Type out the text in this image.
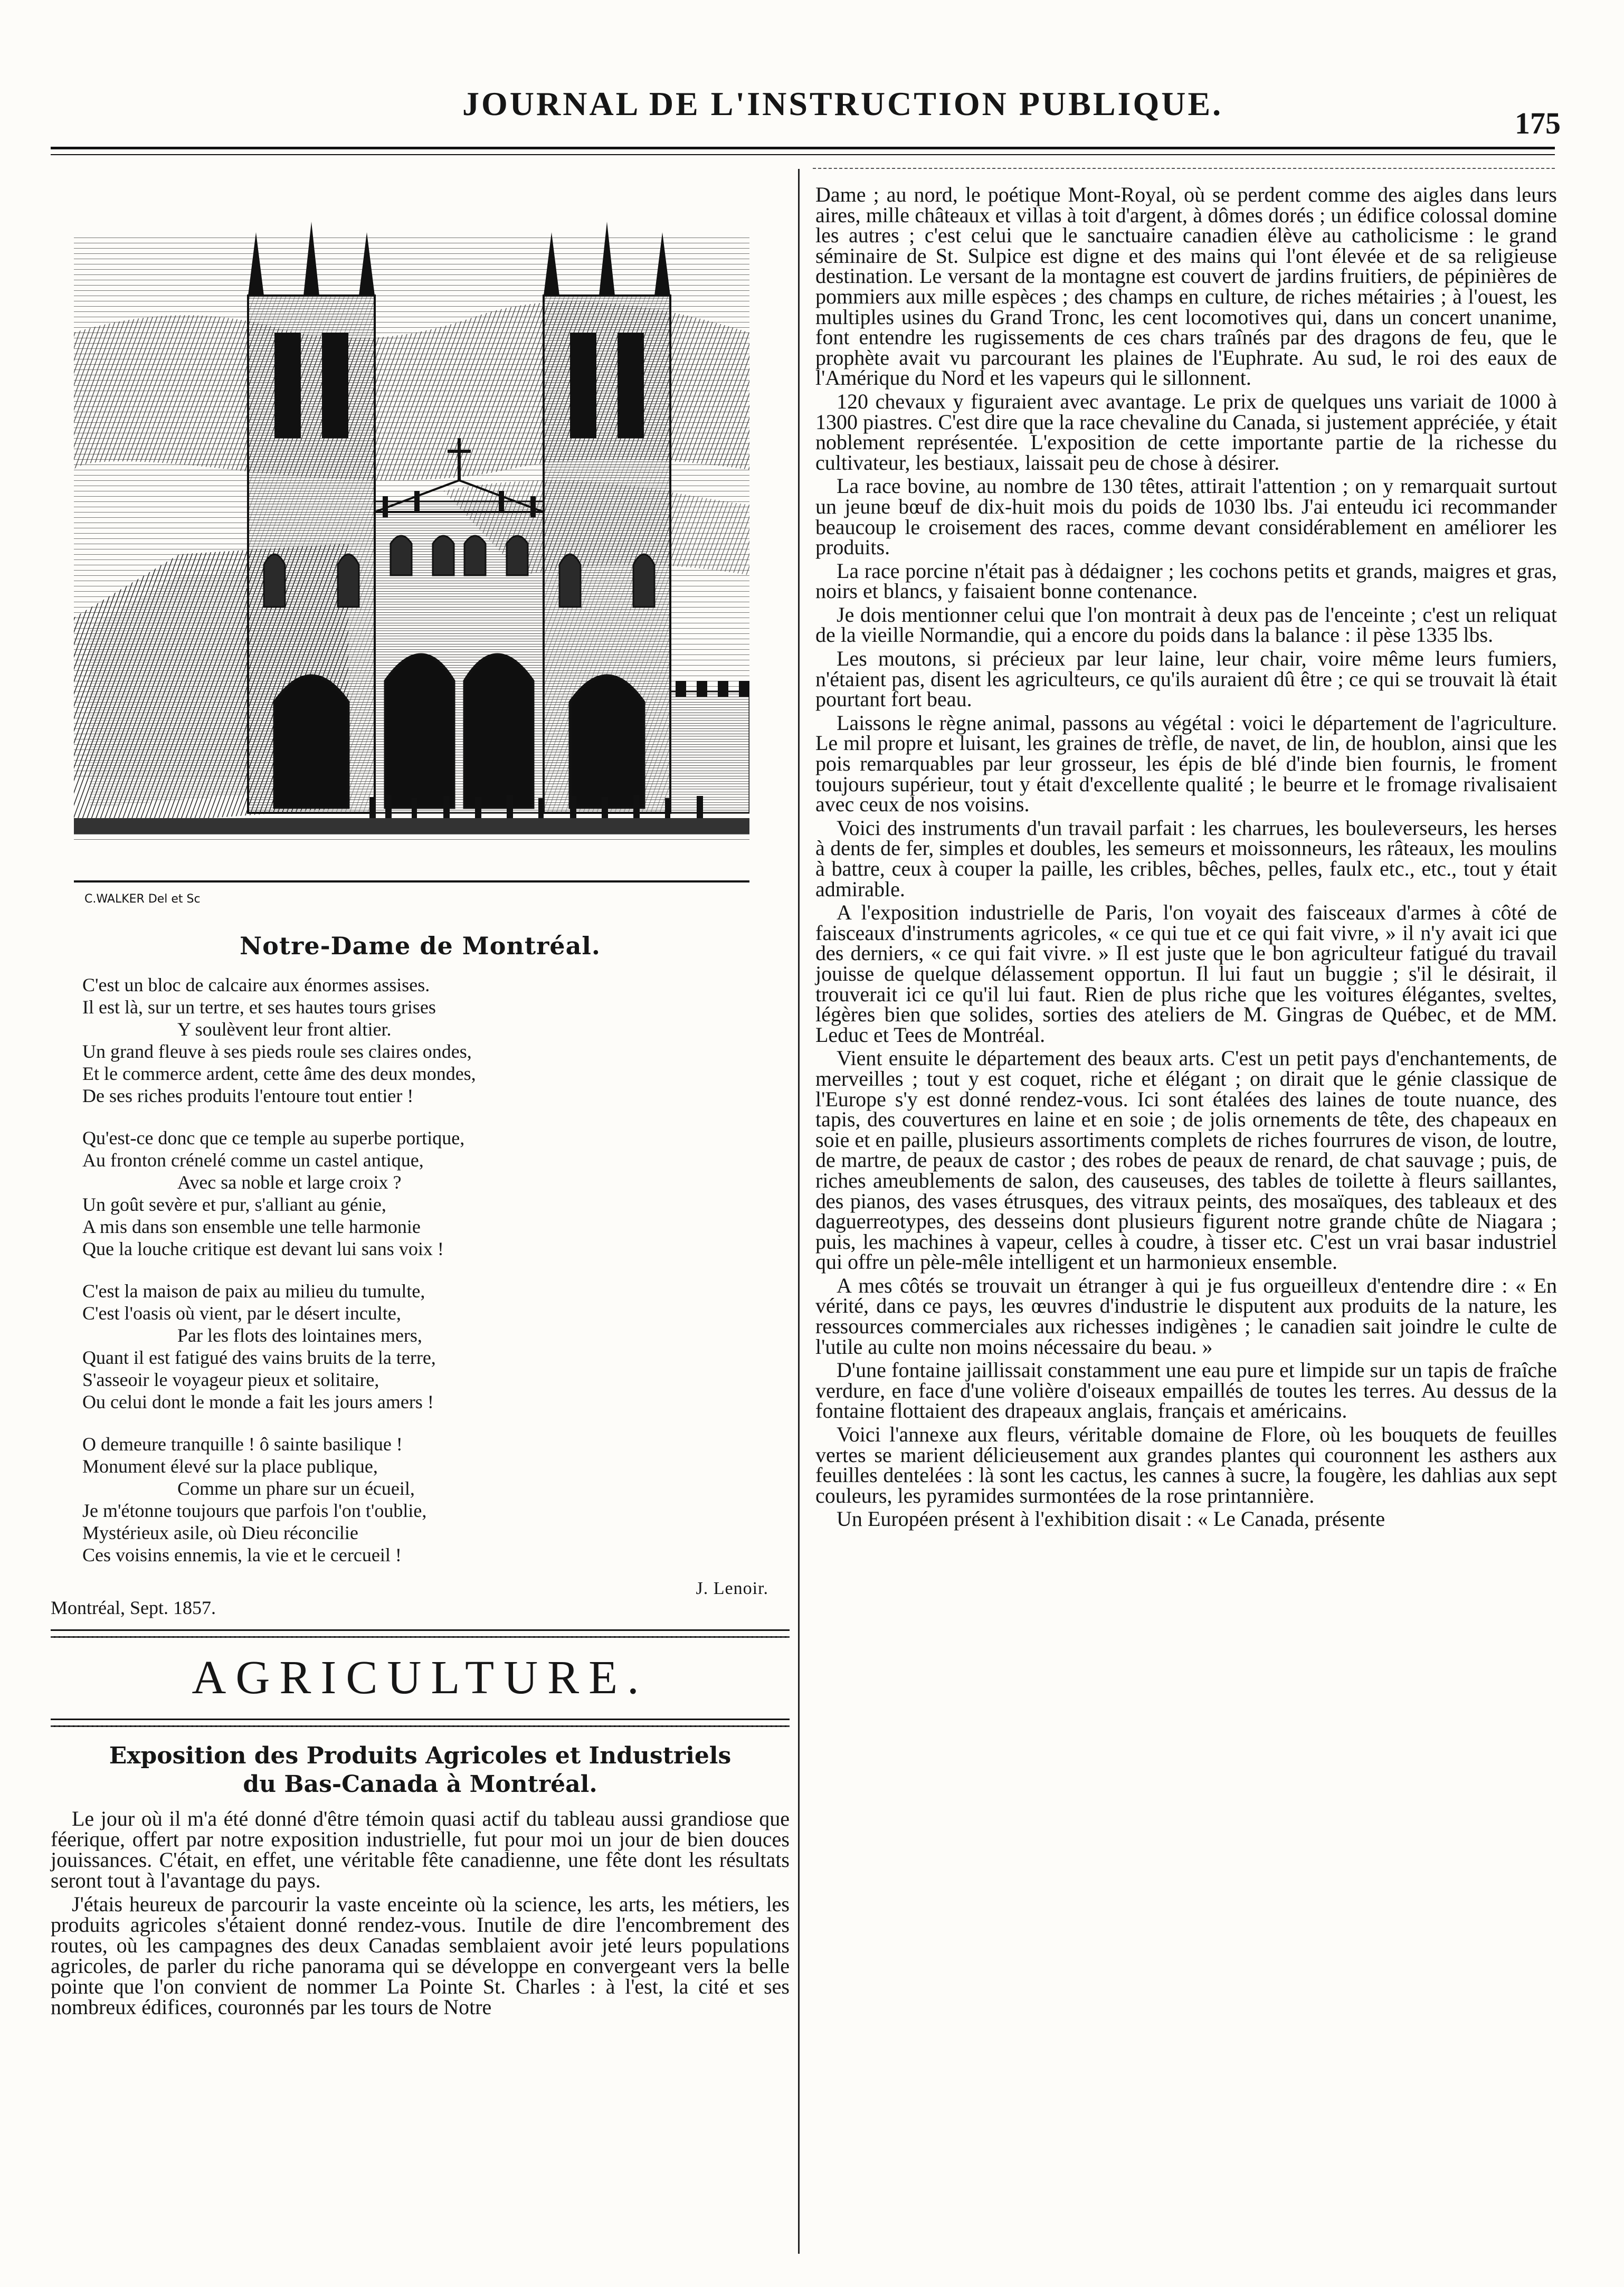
JOURNAL DE L'INSTRUCTION PUBLIQUE.
175
C.WALKER Del et Sc
Notre-Dame de Montréal.
C'est un bloc de calcaire aux énormes assises.
Il est là, sur un tertre, et ses hautes tours grises
Y soulèvent leur front altier.
Un grand fleuve à ses pieds roule ses claires ondes,
Et le commerce ardent, cette âme des deux mondes,
De ses riches produits l'entoure tout entier !
Qu'est-ce donc que ce temple au superbe portique,
Au fronton crénelé comme un castel antique,
Avec sa noble et large croix ?
Un goût sevère et pur, s'alliant au génie,
A mis dans son ensemble une telle harmonie
Que la louche critique est devant lui sans voix !
C'est la maison de paix au milieu du tumulte,
C'est l'oasis où vient, par le désert inculte,
Par les flots des lointaines mers,
Quant il est fatigué des vains bruits de la terre,
S'asseoir le voyageur pieux et solitaire,
Ou celui dont le monde a fait les jours amers !
O demeure tranquille ! ô sainte basilique !
Monument élevé sur la place publique,
Comme un phare sur un écueil,
Je m'étonne toujours que parfois l'on t'oublie,
Mystérieux asile, où Dieu réconcilie
Ces voisins ennemis, la vie et le cercueil !
J. Lenoir.
Montréal, Sept. 1857.
AGRICULTURE.
Exposition des Produits Agricoles et Industriels
du Bas-Canada à Montréal.

Le jour où il m'a été donné d'être témoin quasi actif du tableau aussi grandiose que féerique, offert par notre exposition industrielle, fut pour moi un jour de bien douces jouissances. C'était, en effet, une véritable fête canadienne, une fête dont les résultats seront tout à l'avantage du pays.

J'étais heureux de parcourir la vaste enceinte où la science, les arts, les métiers, les produits agricoles s'étaient donné rendez-vous. Inutile de dire l'encombrement des routes, où les campagnes des deux Canadas semblaient avoir jeté leurs populations agricoles, de parler du riche panorama qui se développe en convergeant vers la belle pointe que l'on convient de nommer La Pointe St. Charles : à l'est, la cité et ses nombreux édifices, couronnés par les tours de Notre

Dame ; au nord, le poétique Mont-Royal, où se perdent comme des aigles dans leurs aires, mille châteaux et villas à toit d'argent, à dômes dorés ; un édifice colossal domine les autres ; c'est celui que le sanctuaire canadien élève au catholicisme : le grand séminaire de St. Sulpice est digne et des mains qui l'ont élevée et de sa religieuse destination. Le versant de la montagne est couvert de jardins fruitiers, de pépinières de pommiers aux mille espèces ; des champs en culture, de riches métairies ; à l'ouest, les multiples usines du Grand Tronc, les cent locomotives qui, dans un concert unanime, font entendre les rugissements de ces chars traînés par des dragons de feu, que le prophète avait vu parcourant les plaines de l'Euphrate. Au sud, le roi des eaux de l'Amérique du Nord et les vapeurs qui le sillonnent.

120 chevaux y figuraient avec avantage. Le prix de quelques uns variait de 1000 à 1300 piastres. C'est dire que la race chevaline du Canada, si justement appréciée, y était noblement représentée. L'exposition de cette importante partie de la richesse du cultivateur, les bestiaux, laissait peu de chose à désirer.

La race bovine, au nombre de 130 têtes, attirait l'attention ; on y remarquait surtout un jeune bœuf de dix-huit mois du poids de 1030 lbs. J'ai enteudu ici recommander beaucoup le croisement des races, comme devant considérablement en améliorer les produits.

La race porcine n'était pas à dédaigner ; les cochons petits et grands, maigres et gras, noirs et blancs, y faisaient bonne contenance.

Je dois mentionner celui que l'on montrait à deux pas de l'enceinte ; c'est un reliquat de la vieille Normandie, qui a encore du poids dans la balance : il pèse 1335 lbs.

Les moutons, si précieux par leur laine, leur chair, voire même leurs fumiers, n'étaient pas, disent les agriculteurs, ce qu'ils auraient dû être ; ce qui se trouvait là était pourtant fort beau.

Laissons le règne animal, passons au végétal : voici le département de l'agriculture. Le mil propre et luisant, les graines de trèfle, de navet, de lin, de houblon, ainsi que les pois remarquables par leur grosseur, les épis de blé d'inde bien fournis, le froment toujours supérieur, tout y était d'excellente qualité ; le beurre et le fromage rivalisaient avec ceux de nos voisins.

Voici des instruments d'un travail parfait : les charrues, les bouleverseurs, les herses à dents de fer, simples et doubles, les semeurs et moissonneurs, les râteaux, les moulins à battre, ceux à couper la paille, les cribles, bêches, pelles, faulx etc., etc., tout y était admirable.

A l'exposition industrielle de Paris, l'on voyait des faisceaux d'armes à côté de faisceaux d'instruments agricoles, « ce qui tue et ce qui fait vivre, » il n'y avait ici que des derniers, « ce qui fait vivre. » Il est juste que le bon agriculteur fatigué du travail jouisse de quelque délassement opportun. Il lui faut un buggie ; s'il le désirait, il trouverait ici ce qu'il lui faut. Rien de plus riche que les voitures élégantes, sveltes, légères bien que solides, sorties des ateliers de M. Gingras de Québec, et de MM. Leduc et Tees de Montréal.

Vient ensuite le département des beaux arts. C'est un petit pays d'enchantements, de merveilles ; tout y est coquet, riche et élégant ; on dirait que le génie classique de l'Europe s'y est donné rendez-vous. Ici sont étalées des laines de toute nuance, des tapis, des couvertures en laine et en soie ; de jolis ornements de tête, des chapeaux en soie et en paille, plusieurs assortiments complets de riches fourrures de vison, de loutre, de martre, de peaux de castor ; des robes de peaux de renard, de chat sauvage ; puis, de riches ameublements de salon, des causeuses, des tables de toilette à fleurs saillantes, des pianos, des vases étrusques, des vitraux peints, des mosaïques, des tableaux et des daguerreotypes, des desseins dont plusieurs figurent notre grande chûte de Niagara ; puis, les machines à vapeur, celles à coudre, à tisser etc. C'est un vrai basar industriel qui offre un pèle-mêle intelligent et un harmonieux ensemble.

A mes côtés se trouvait un étranger à qui je fus orgueilleux d'entendre dire : « En vérité, dans ce pays, les œuvres d'industrie le disputent aux produits de la nature, les ressources commerciales aux richesses indigènes ; le canadien sait joindre le culte de l'utile au culte non moins nécessaire du beau. »

D'une fontaine jaillissait constamment une eau pure et limpide sur un tapis de fraîche verdure, en face d'une volière d'oiseaux empaillés de toutes les terres. Au dessus de la fontaine flottaient des drapeaux anglais, français et américains.

Voici l'annexe aux fleurs, véritable domaine de Flore, où les bouquets de feuilles vertes se marient délicieusement aux grandes plantes qui couronnent les asthers aux feuilles dentelées : là sont les cactus, les cannes à sucre, la fougère, les dahlias aux sept couleurs, les pyramides surmontées de la rose printannière.

Un Européen présent à l'exhibition disait : « Le Canada, présente
